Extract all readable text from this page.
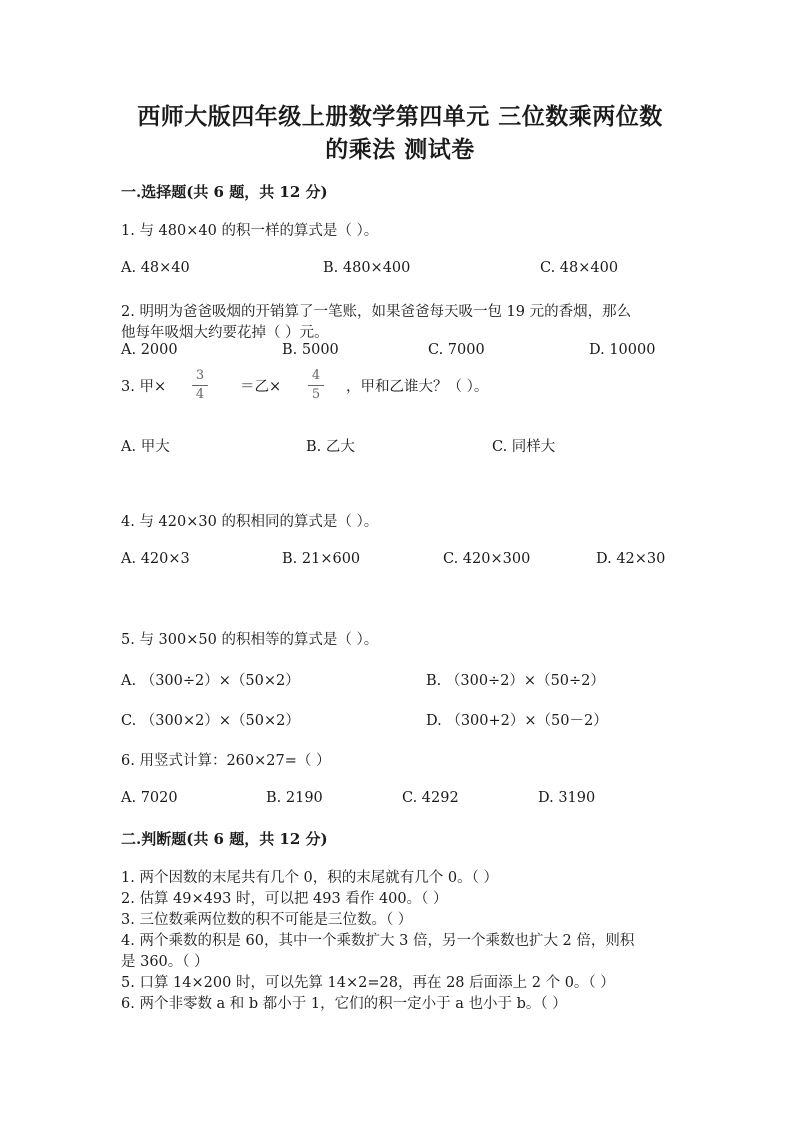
西师大版四年级上册数学第四单元 三位数乘两位数
的乘法 测试卷
一.选择题(共 6 题，共 12 分)
1. 与 480×40 的积一样的算式是（ ）。
A. 48×40	B. 480×400	C. 48×400
2. 明明为爸爸吸烟的开销算了一笔账，如果爸爸每天吸一包 19 元的香烟，那么
他每年吸烟大约要花掉（ ）元。
A. 2000	B. 5000	C. 7000	D. 10000
3. 甲×
3
4	＝乙×
4
5	，甲和乙谁大？（ ）。
A. 甲大	B. 乙大	C. 同样大
4. 与 420×30 的积相同的算式是（ ）。
A. 420×3	B. 21×600	C. 420×300	D. 42×30
5. 与 300×50 的积相等的算式是（ ）。
A. （300÷2）×（50×2）	B. （300÷2）×（50÷2）
C. （300×2）×（50×2）	D. （300+2）×（50－2）
6. 用竖式计算：260×27=（ ）
A. 7020	B. 2190	C. 4292	D. 3190
二.判断题(共 6 题，共 12 分)
1. 两个因数的末尾共有几个 0，积的末尾就有几个 0。（ ）
2. 估算 49×493 时，可以把 493 看作 400。（ ）
3. 三位数乘两位数的积不可能是三位数。（ ）
4. 两个乘数的积是 60，其中一个乘数扩大 3 倍，另一个乘数也扩大 2 倍，则积
是 360。（ ）
5. 口算 14×200 时，可以先算 14×2=28，再在 28 后面添上 2 个 0。（ ）
6. 两个非零数 a 和 b 都小于 1，它们的积一定小于 a 也小于 b。（ ）
